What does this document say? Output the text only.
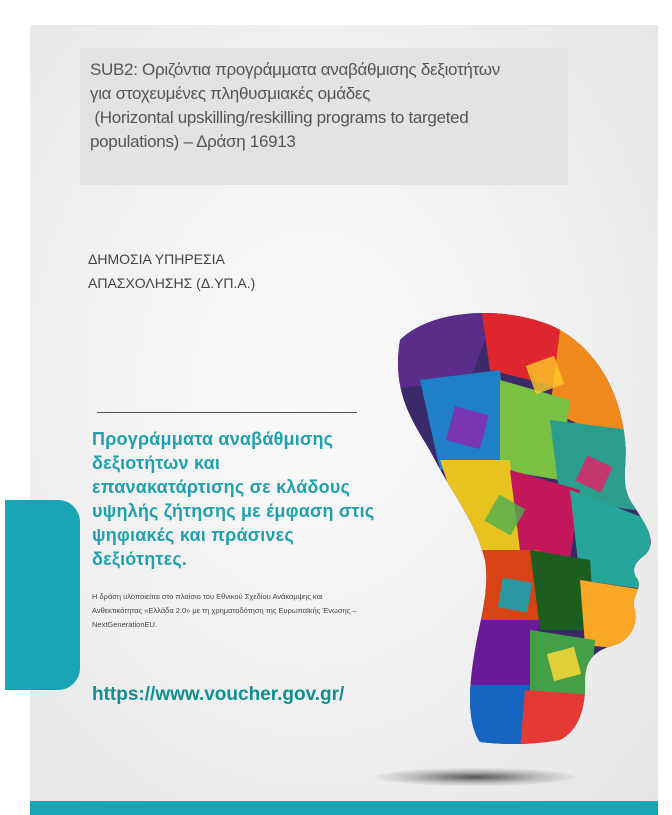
SUB2: Οριζόντια προγράμματα αναβάθμισης δεξιοτήτων
για στοχευμένες πληθυσμιακές ομάδες
(Horizontal upskilling/reskilling programs to targeted
populations) – Δράση 16913

ΔΗΜΟΣΙΑ ΥΠΗΡΕΣΙΑ
ΑΠΑΣΧΟΛΗΣΗΣ (Δ.ΥΠ.Α.)
Προγράμματα αναβάθμισης
δεξιοτήτων και
επανακατάρτισης σε κλάδους
υψηλής ζήτησης με έμφαση στις
ψηφιακές και πράσινες
δεξιότητες.
Η δράση υλοποιείται στο πλαίσιο του Εθνικού Σχεδίου Ανάκαμψης και
Ανθεκτικότητας «Ελλάδα 2.0» με τη χρηματοδότηση της Ευρωπαϊκής Ένωσης –
NextGenerationEU.
https://www.voucher.gov.gr/
